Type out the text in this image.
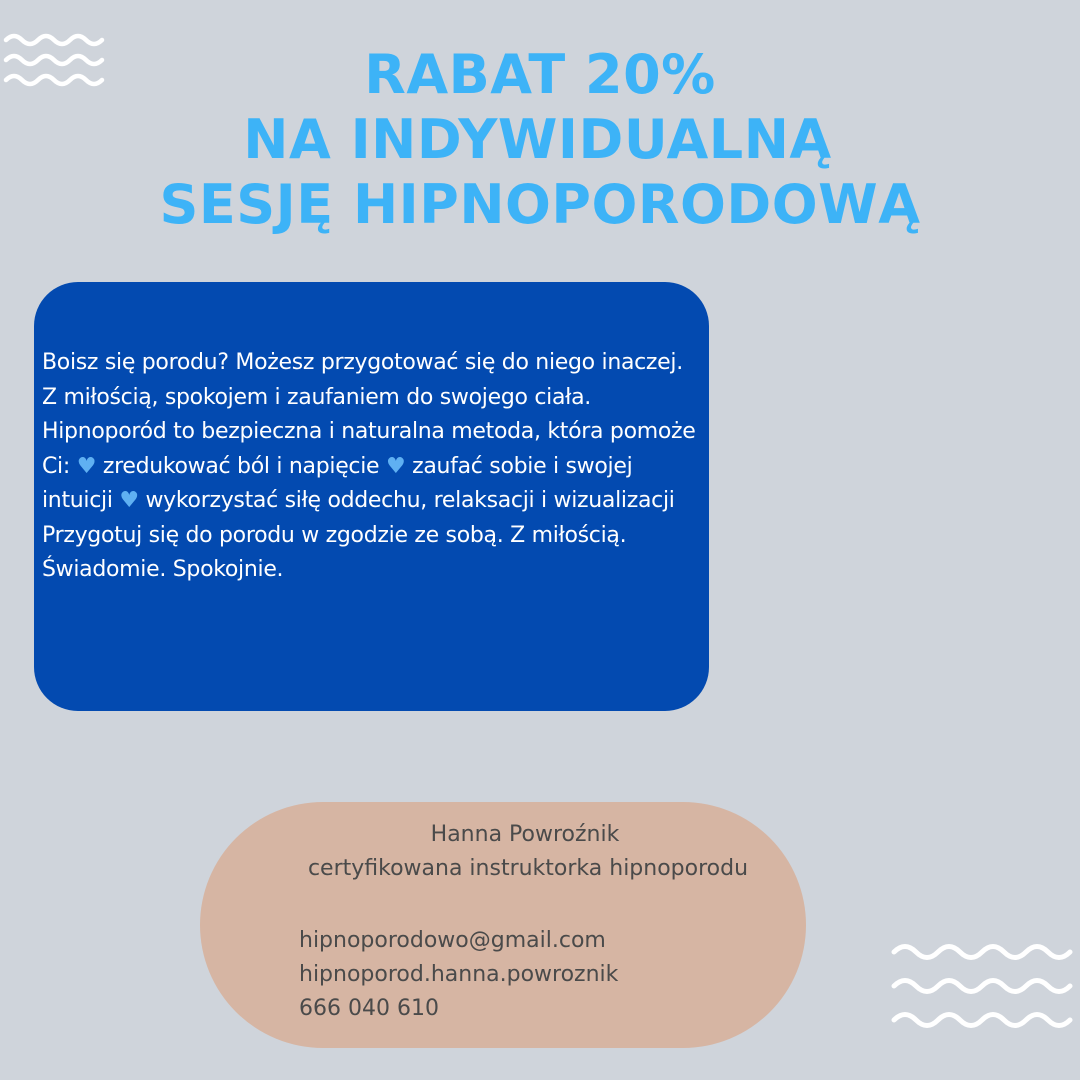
RABAT 20%
NA INDYWIDUALNĄ
SESJĘ HIPNOPORODOWĄ
Boisz się porodu? Możesz przygotować się do niego inaczej. Z miłością, spokojem i zaufaniem do swojego ciała. Hipnoporód to bezpieczna i naturalna metoda, która pomoże Ci: ♥ zredukować ból i napięcie ♥ zaufać sobie i swojej intuicji ♥ wykorzystać siłę oddechu, relaksacji i wizualizacji Przygotuj się do porodu w zgodzie ze sobą. Z miłością. Świadomie. Spokojnie.
Hanna Powroźnik
certyfikowana instruktorka hipnoporodu
hipnoporodowo@gmail.com
hipnoporod.hanna.powroznik
666 040 610
